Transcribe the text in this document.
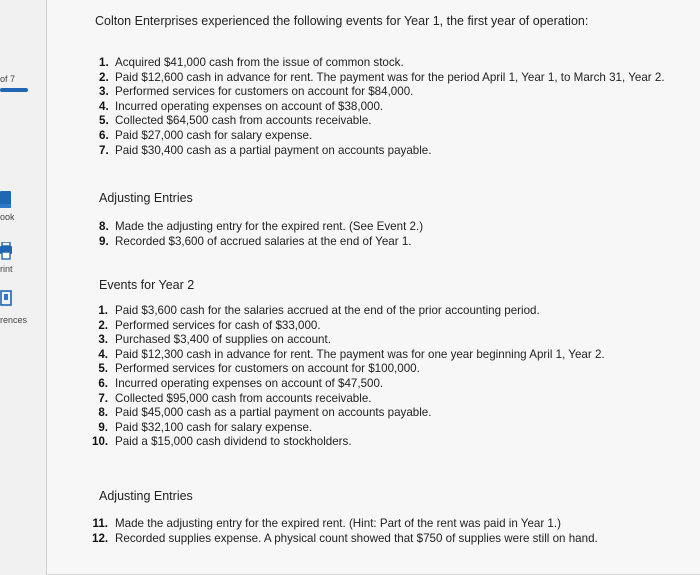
of 7
ook
rint
rences
Colton Enterprises experienced the following events for Year 1, the first year of operation:
1. Acquired $41,000 cash from the issue of common stock.
2. Paid $12,600 cash in advance for rent. The payment was for the period April 1, Year 1, to March 31, Year 2.
3. Performed services for customers on account for $84,000.
4. Incurred operating expenses on account of $38,000.
5. Collected $64,500 cash from accounts receivable.
6. Paid $27,000 cash for salary expense.
7. Paid $30,400 cash as a partial payment on accounts payable.
Adjusting Entries
8. Made the adjusting entry for the expired rent. (See Event 2.)
9. Recorded $3,600 of accrued salaries at the end of Year 1.
Events for Year 2
1. Paid $3,600 cash for the salaries accrued at the end of the prior accounting period.
2. Performed services for cash of $33,000.
3. Purchased $3,400 of supplies on account.
4. Paid $12,300 cash in advance for rent. The payment was for one year beginning April 1, Year 2.
5. Performed services for customers on account for $100,000.
6. Incurred operating expenses on account of $47,500.
7. Collected $95,000 cash from accounts receivable.
8. Paid $45,000 cash as a partial payment on accounts payable.
9. Paid $32,100 cash for salary expense.
10. Paid a $15,000 cash dividend to stockholders.
Adjusting Entries
11. Made the adjusting entry for the expired rent. (Hint: Part of the rent was paid in Year 1.)
12. Recorded supplies expense. A physical count showed that $750 of supplies were still on hand.
